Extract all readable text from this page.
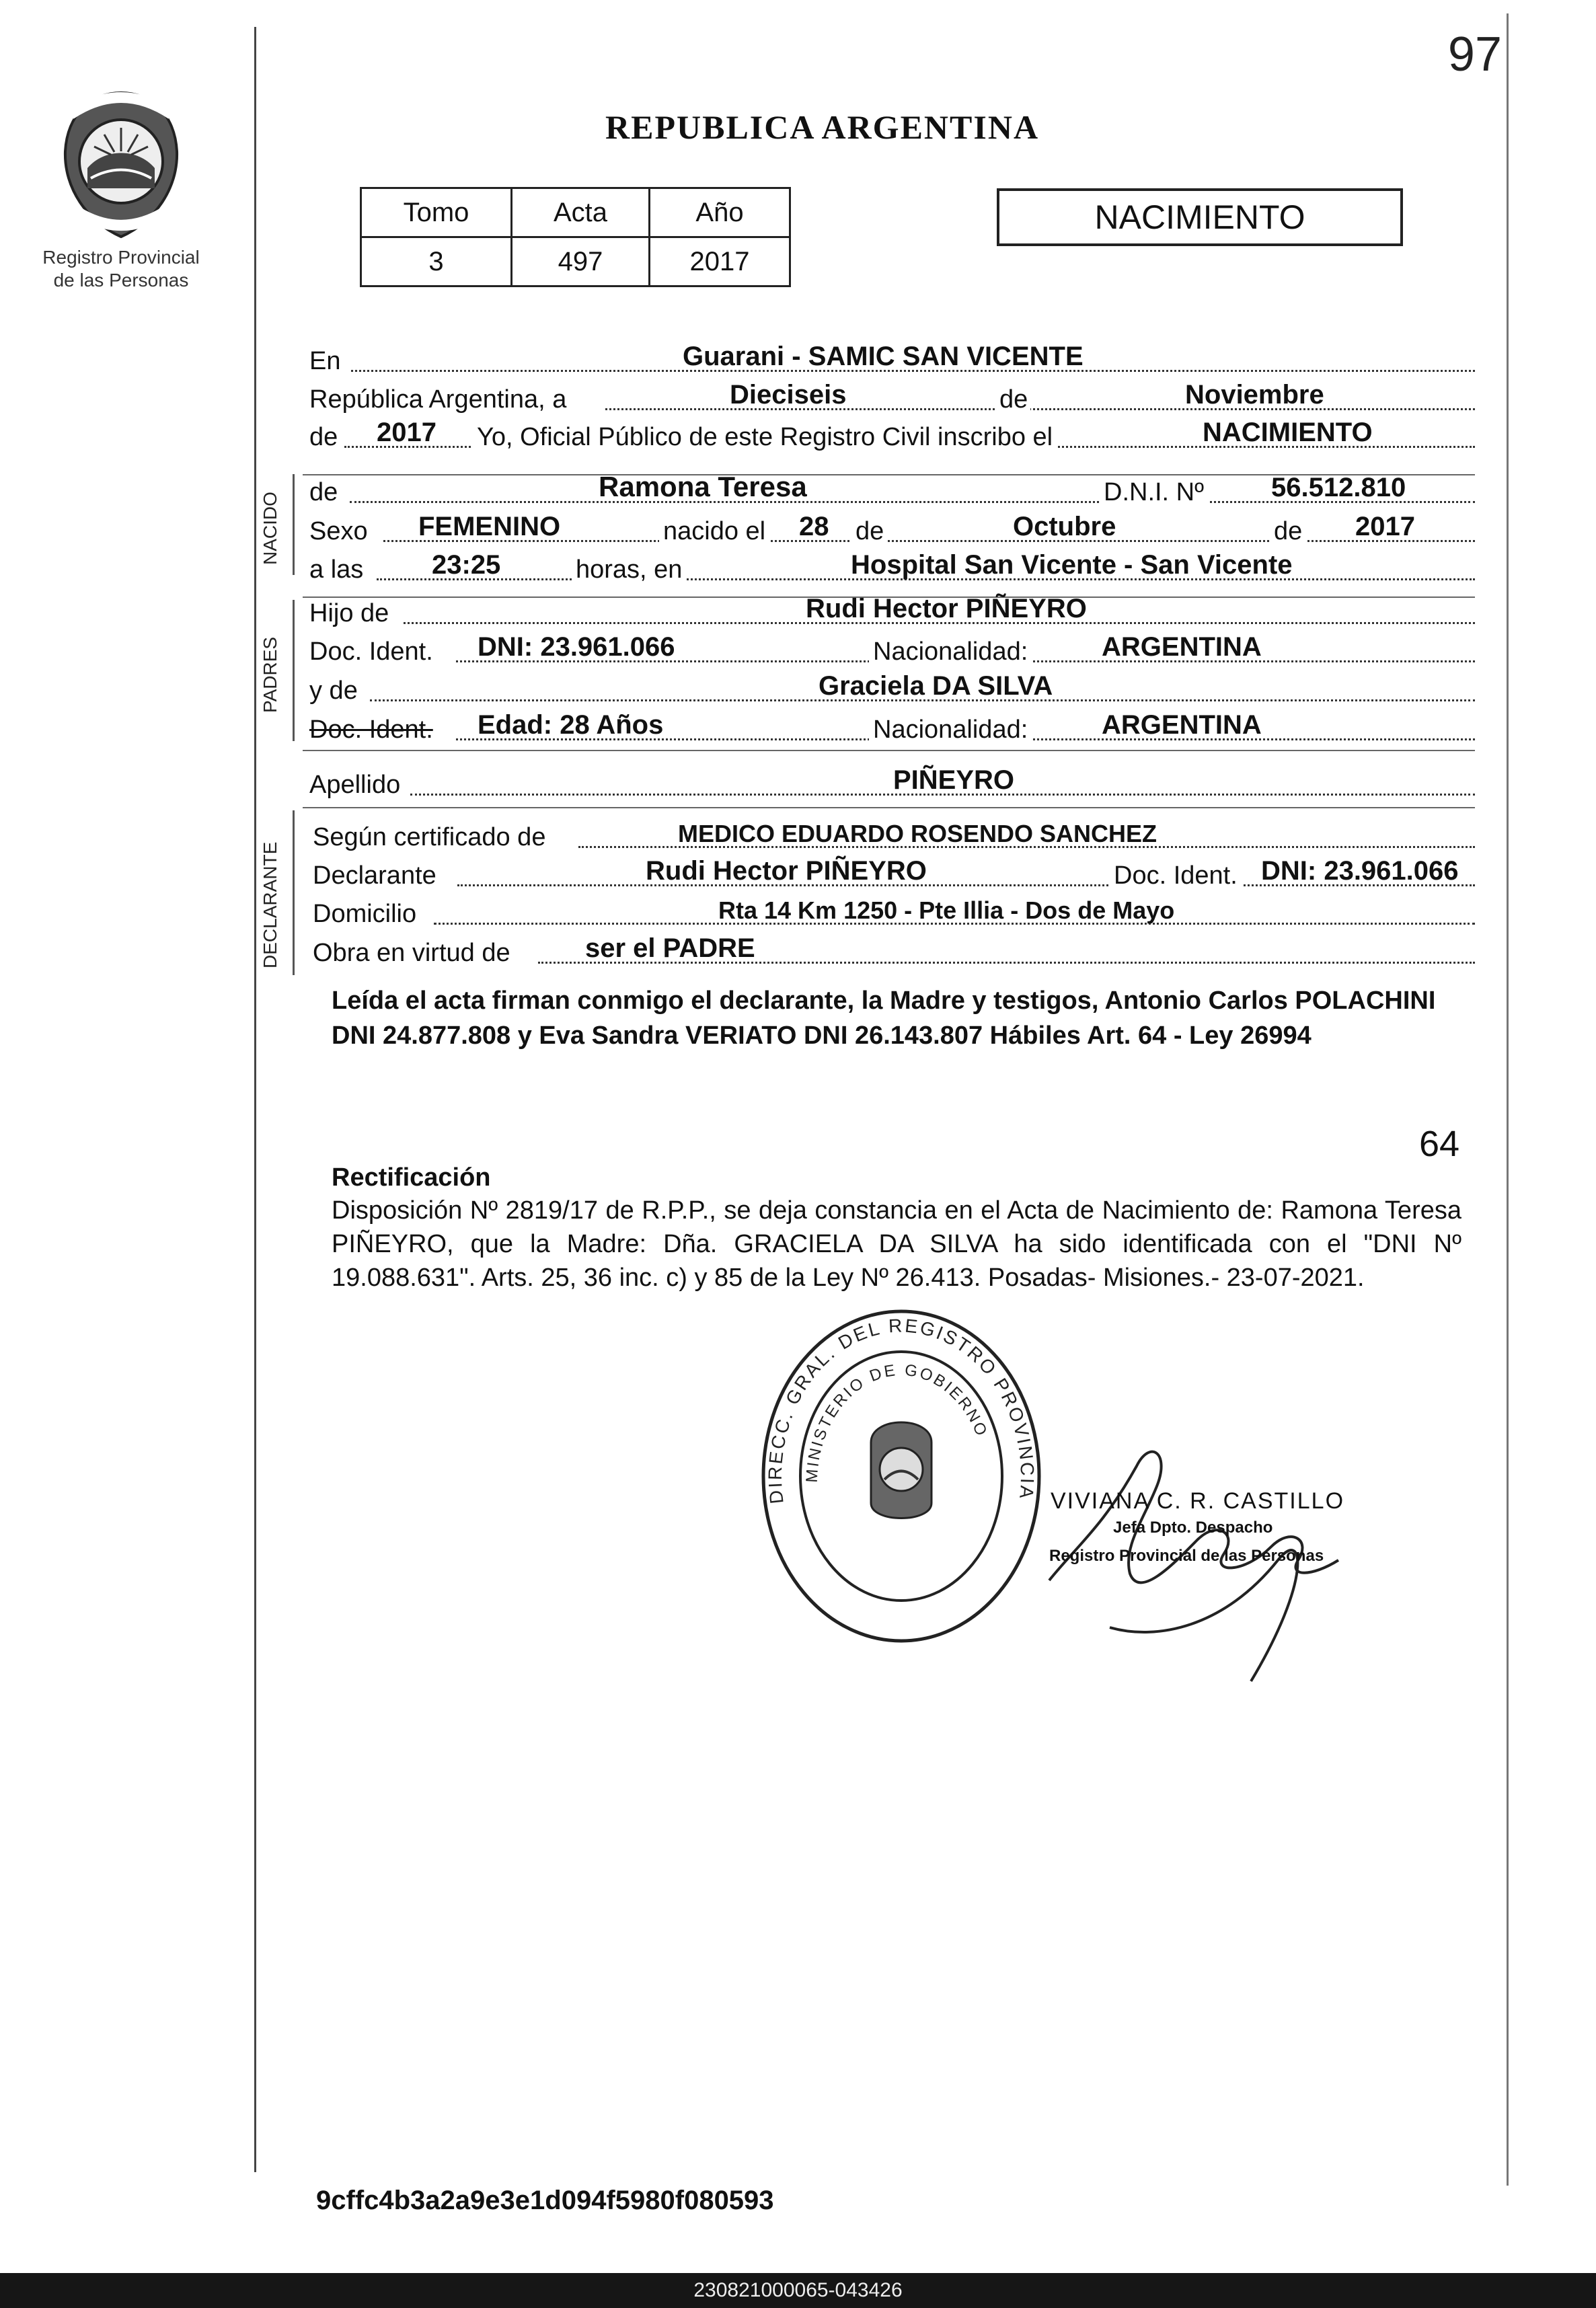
97
Registro Provincial
de las Personas
REPUBLICA ARGENTINA
Tomo	Acta	Año
3	497	2017
NACIMIENTO
En	Guarani - SAMIC SAN VICENTE
República Argentina, a	Dieciseis	de	Noviembre
de 2017 Yo, Oficial Público de este Registro Civil inscribo el	NACIMIENTO
NACIDO de	Ramona Teresa	D.N.I. Nº	56.512.810
Sexo FEMENINO	nacido el 28 de	Octubre	de 2017
a las	23:25	horas, en	Hospital San Vicente - San Vicente
PADRES
Hijo de	Rudi Hector PIÑEYRO
Doc. Ident. DNI: 23.961.066	Nacionalidad:	ARGENTINA
y de	Graciela DA SILVA
Doc. Ident. Edad: 28 Años	Nacionalidad:	ARGENTINA
Apellido	PIÑEYRO
DECLARANTE
Según certificado de	MEDICO EDUARDO ROSENDO SANCHEZ
Declarante	Rudi Hector PIÑEYRO	Doc. Ident. DNI: 23.961.066
Domicilio	Rta 14 Km 1250 - Pte Illia - Dos de Mayo
Obra en virtud de	ser el PADRE
Leída el acta firman conmigo el declarante, la Madre y testigos, Antonio Carlos POLACHINI DNI 24.877.808 y Eva Sandra VERIATO DNI 26.143.807 Hábiles Art. 64 - Ley 26994
64
Rectificación
Disposición Nº 2819/17 de R.P.P., se deja constancia en el Acta de Nacimiento de: Ramona Teresa PIÑEYRO, que la Madre: Dña. GRACIELA DA SILVA ha sido identificada con el "DNI Nº 19.088.631". Arts. 25, 36 inc. c) y 85 de la Ley Nº 26.413. Posadas- Misiones.- 23-07-2021.
DIRECC. GRAL. DEL REGISTRO PROVINCIA
MINISTERIO DE GOBIERNO
VIVIANA C. R. CASTILLO
Jefa Dpto. Despacho
Registro Provincial de las Personas
9cffc4b3a2a9e3e1d094f5980f080593
230821000065-043426
